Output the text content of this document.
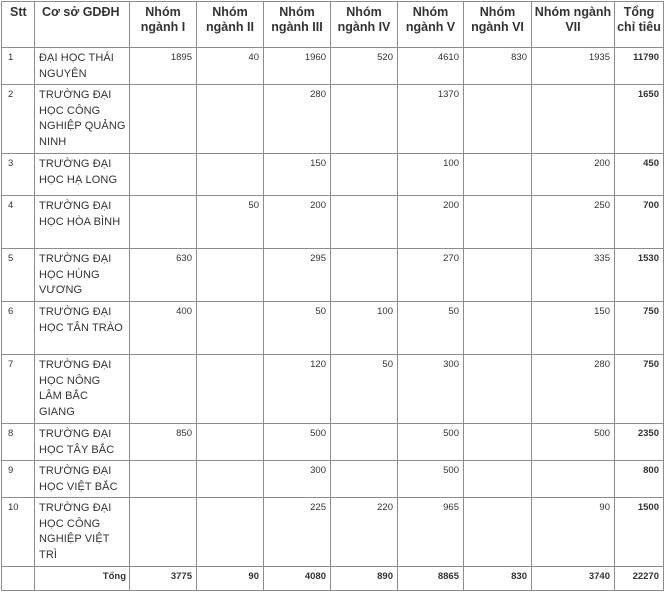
Stt	Cơ sở GDĐH	Nhóm ngành I	Nhóm ngành II	Nhóm ngành III	Nhóm ngành IV	Nhóm ngành V	Nhóm ngành VI	Nhóm ngành VII	Tổng chỉ tiêu
1	ĐẠI HỌC THÁI NGUYÊN	1895	40	1960	520	4610	830	1935	11790
2	TRƯỜNG ĐẠI HỌC CÔNG NGHIỆP QUẢNG NINH			280		1370			1650
3	TRƯỜNG ĐẠI HỌC HẠ LONG			150		100		200	450
4	TRƯỜNG ĐẠI HỌC HÒA BÌNH		50	200		200		250	700
5	TRƯỜNG ĐẠI HỌC HÙNG VƯƠNG	630		295		270		335	1530
6	TRƯỜNG ĐẠI HỌC TÂN TRÀO	400		50	100	50		150	750
7	TRƯỜNG ĐẠI HỌC NÔNG LÂM BẮC GIANG			120	50	300		280	750
8	TRƯỜNG ĐẠI HỌC TÂY BẮC	850		500		500		500	2350
9	TRƯỜNG ĐẠI HỌC VIỆT BẮC			300		500			800
10	TRƯỜNG ĐẠI HỌC CÔNG NGHIỆP VIỆT TRÌ			225	220	965		90	1500
	Tổng	3775	90	4080	890	8865	830	3740	22270
